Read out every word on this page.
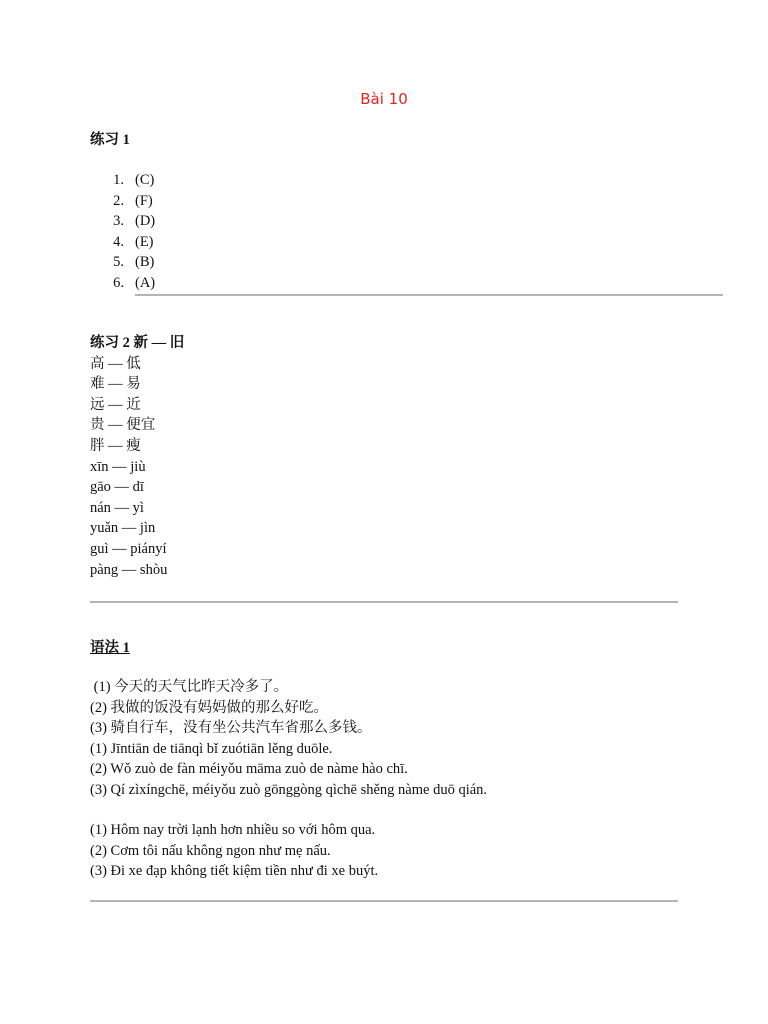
Bài 10
练习 1
1. (C)
2. (F)
3. (D)
4. (E)
5. (B)
6. (A)
练习 2 新 — 旧
高 — 低
难 — 易
远 — 近
贵 — 便宜
胖 — 瘦
xīn — jiù
gāo — dī
nán — yì
yuǎn — jìn
guì — piányí
pàng — shòu
语法 1
(1) 今天的天气比昨天冷多了。
(2) 我做的饭没有妈妈做的那么好吃。
(3) 骑自行车，没有坐公共汽车省那么多钱。
(1) Jīntiān de tiānqì bǐ zuótiān lěng duōle.
(2) Wǒ zuò de fàn méiyǒu māma zuò de nàme hào chī.
(3) Qí zìxíngchē, méiyǒu zuò gōnggòng qìchē shěng nàme duō qián.
(1) Hôm nay trời lạnh hơn nhiều so với hôm qua.
(2) Cơm tôi nấu không ngon như mẹ nấu.
(3) Đi xe đạp không tiết kiệm tiền như đi xe buýt.
